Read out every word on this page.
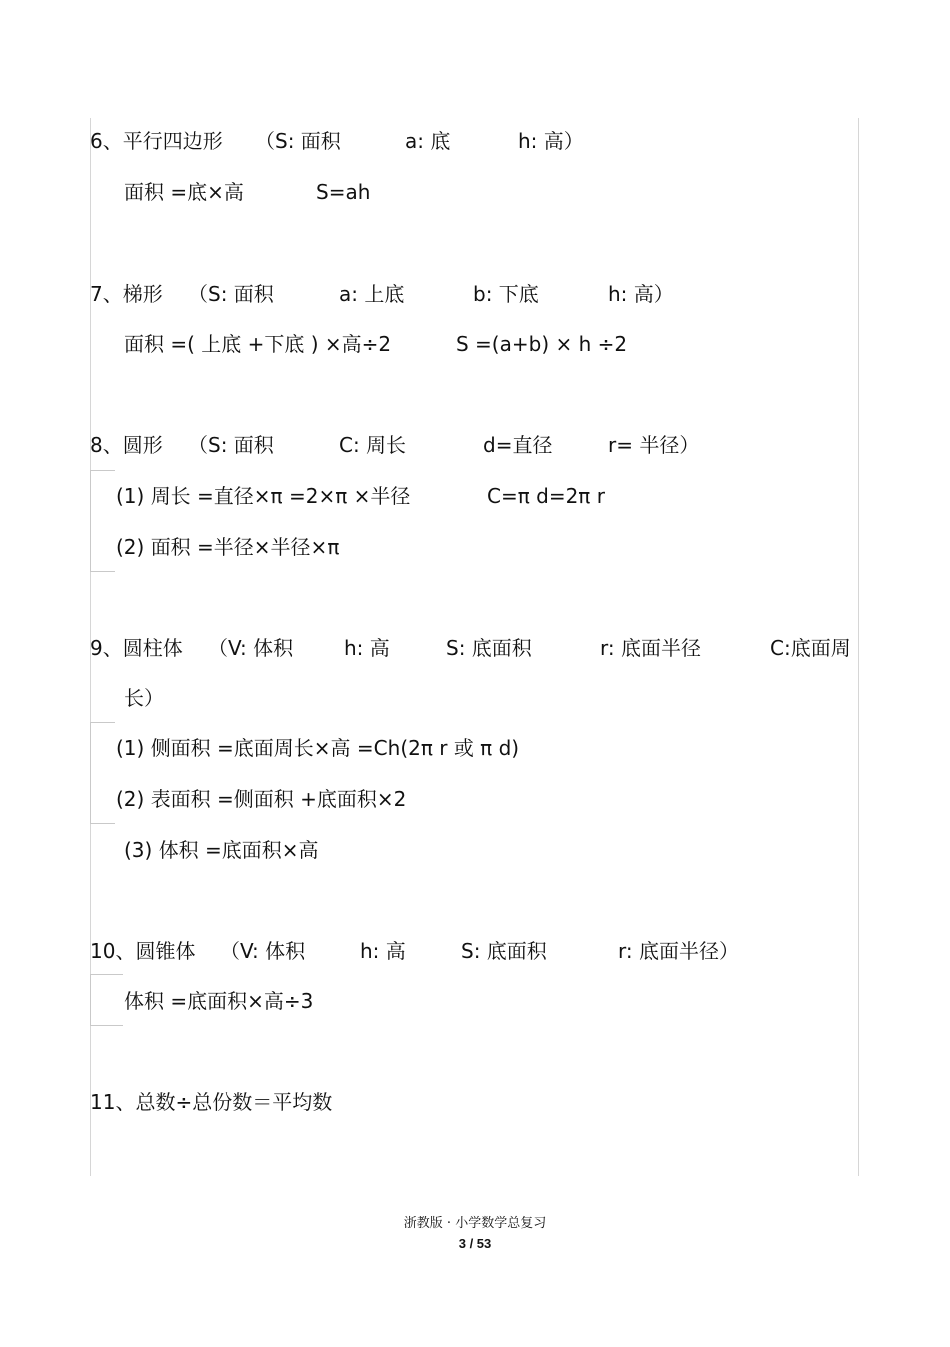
6、平行四边形 （S: 面积	a: 底	h: 高）
面积 =底×高	S=ah
7、梯形 （S: 面积	a: 上底	b: 下底	h: 高）
面积 =( 上底 +下底 ) ×高÷2	S =(a+b) × h ÷2
8、圆形 （S: 面积	C: 周长	d=直径	r= 半径）
(1) 周长 =直径×π =2×π ×半径	C=π d=2π r
(2) 面积 =半径×半径×π
9、圆柱体 （V: 体积	h: 高	S: 底面积	r: 底面半径	C:底面周
长）
(1) 侧面积 =底面周长×高 =Ch(2π r 或 π d)
(2) 表面积 =侧面积 +底面积×2
(3) 体积 =底面积×高
10、圆锥体 （V: 体积	h: 高	S: 底面积	r: 底面半径）
体积 =底面积×高÷3
11、总数÷总份数＝平均数
浙教版 · 小学数学总复习
3 / 53
